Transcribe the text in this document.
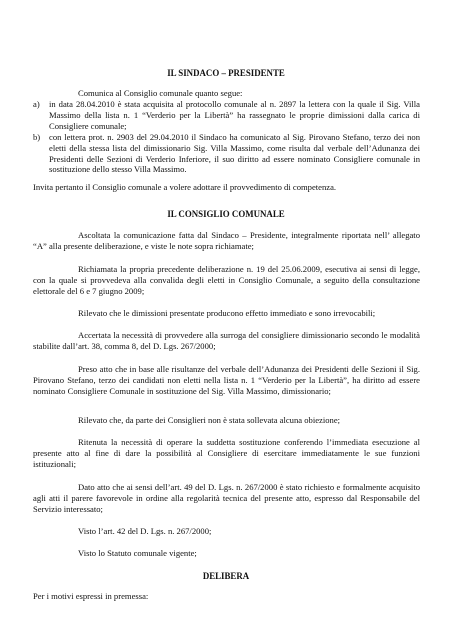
IL SINDACO – PRESIDENTE
Comunica al Consiglio comunale quanto segue:
a)	in data 28.04.2010 è stata acquisita al protocollo comunale al n. 2897 la lettera con la quale il Sig. Villa Massimo della lista n. 1 “Verderio per la Libertà” ha rassegnato le proprie dimissioni dalla carica di Consigliere comunale;
b)	con lettera prot. n. 2903 del 29.04.2010 il Sindaco ha comunicato al Sig. Pirovano Stefano, terzo dei non eletti della stessa lista del dimissionario Sig. Villa Massimo, come risulta dal verbale dell’Adunanza dei Presidenti delle Sezioni di Verderio Inferiore, il suo diritto ad essere nominato Consigliere comunale in sostituzione dello stesso Villa Massimo.
Invita pertanto il Consiglio comunale a volere adottare il provvedimento di competenza.
IL CONSIGLIO COMUNALE
Ascoltata la comunicazione fatta dal Sindaco – Presidente, integralmente riportata nell’ allegato “A” alla presente deliberazione, e viste le note sopra richiamate;
Richiamata la propria precedente deliberazione n. 19 del 25.06.2009, esecutiva ai sensi di legge, con la quale si provvedeva alla convalida degli eletti in Consiglio Comunale, a seguito della consultazione elettorale del 6 e 7 giugno 2009;
Rilevato che le dimissioni presentate producono effetto immediato e sono irrevocabili;
Accertata la necessità di provvedere alla surroga del consigliere dimissionario secondo le modalità stabilite dall’art. 38, comma 8, del D. Lgs. 267/2000;
Preso atto che in base alle risultanze del verbale dell’Adunanza dei Presidenti delle Sezioni il Sig. Pirovano Stefano, terzo dei candidati non eletti nella lista n. 1 “Verderio per la Libertà”, ha diritto ad essere nominato Consigliere Comunale in sostituzione del Sig. Villa Massimo, dimissionario;
Rilevato che, da parte dei Consiglieri non è stata sollevata alcuna obiezione;
Ritenuta la necessità di operare la suddetta sostituzione conferendo l’immediata esecuzione al presente atto al fine di dare la possibilità al Consigliere di esercitare immediatamente le sue funzioni istituzionali;
Dato atto che ai sensi dell’art. 49 del D. Lgs. n. 267/2000 è stato richiesto e formalmente acquisito agli atti il parere favorevole in ordine alla regolarità tecnica del presente atto, espresso dal Responsabile del Servizio interessato;
Visto l’art. 42 del D. Lgs. n. 267/2000;
Visto lo Statuto comunale vigente;
DELIBERA
Per i motivi espressi in premessa:
